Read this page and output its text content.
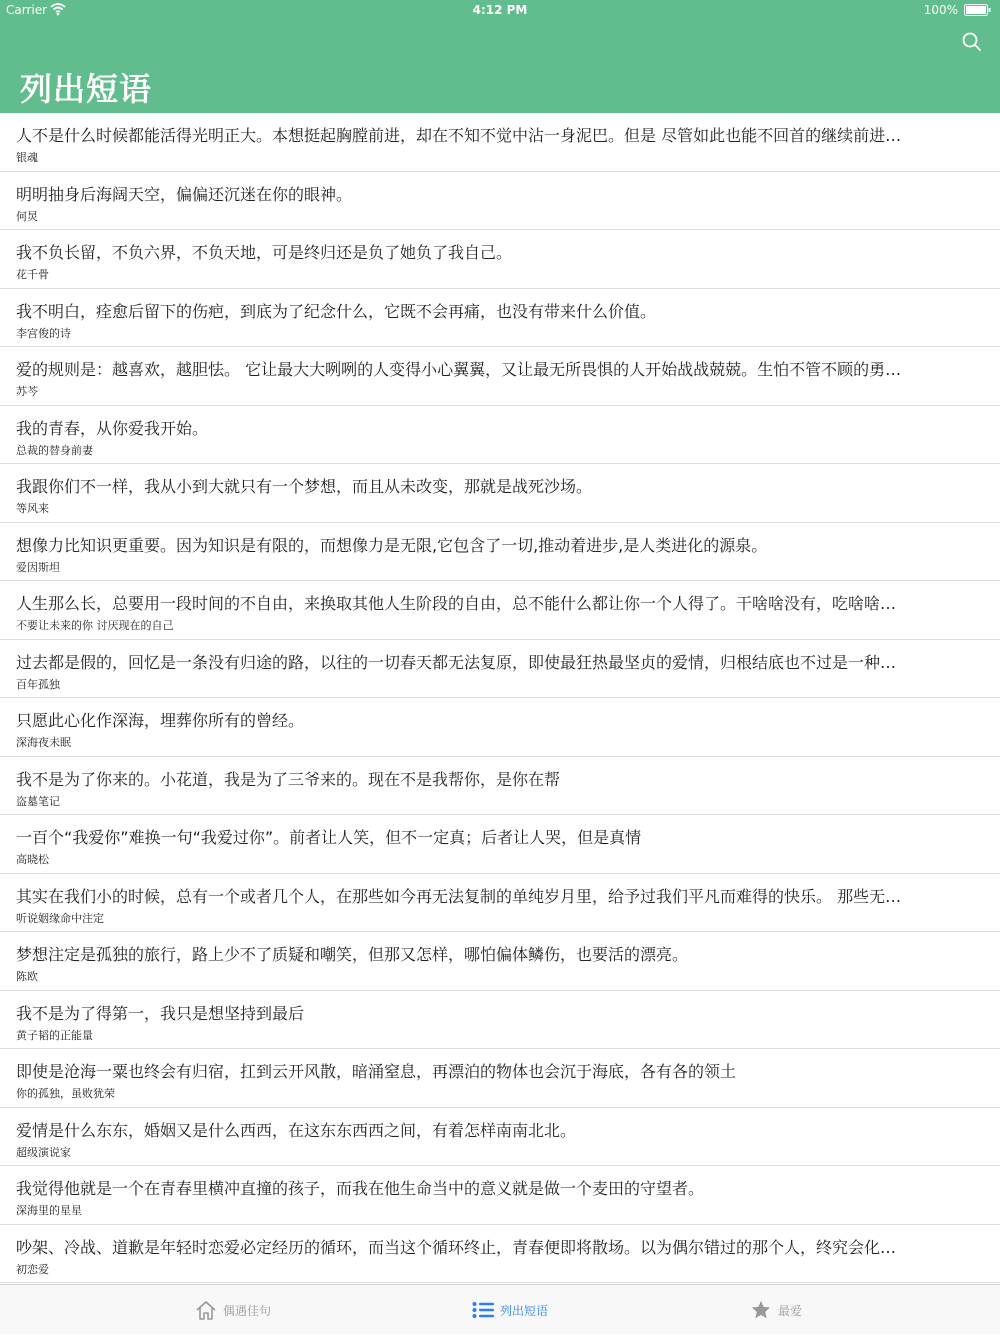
Carrier	4:12 PM	100%
列出短语
人不是什么时候都能活得光明正大。本想挺起胸膛前进，却在不知不觉中沾一身泥巴。但是 尽管如此也能不回首的继续前进…
银魂
明明抽身后海阔天空，偏偏还沉迷在你的眼神。
何炅
我不负长留，不负六界，不负天地，可是终归还是负了她负了我自己。
花千骨
我不明白，痊愈后留下的伤疤，到底为了纪念什么，它既不会再痛，也没有带来什么价值。
李宫俊的诗
爱的规则是：越喜欢，越胆怯。 它让最大大咧咧的人变得小心翼翼，又让最无所畏惧的人开始战战兢兢。生怕不管不顾的勇…
苏芩
我的青春，从你爱我开始。
总裁的替身前妻
我跟你们不一样，我从小到大就只有一个梦想，而且从未改变，那就是战死沙场。
等风来
想像力比知识更重要。因为知识是有限的，而想像力是无限,它包含了一切,推动着进步,是人类进化的源泉。
爱因斯坦
人生那么长，总要用一段时间的不自由，来换取其他人生阶段的自由，总不能什么都让你一个人得了。干啥啥没有，吃啥啥…
不要让未来的你 讨厌现在的自己
过去都是假的，回忆是一条没有归途的路，以往的一切春天都无法复原，即使最狂热最坚贞的爱情，归根结底也不过是一种…
百年孤独
只愿此心化作深海，埋葬你所有的曾经。
深海夜未眠
我不是为了你来的。小花道，我是为了三爷来的。现在不是我帮你，是你在帮
盗墓笔记
一百个“我爱你”难换一句“我爱过你”。前者让人笑，但不一定真；后者让人哭，但是真情
高晓松
其实在我们小的时候，总有一个或者几个人，在那些如今再无法复制的单纯岁月里，给予过我们平凡而难得的快乐。 那些无…
听说姻缘命中注定
梦想注定是孤独的旅行，路上少不了质疑和嘲笑，但那又怎样，哪怕偏体鳞伤，也要活的漂亮。
陈欧
我不是为了得第一，我只是想坚持到最后
黄子韬的正能量
即使是沧海一粟也终会有归宿，扛到云开风散，暗涌窒息，再漂泊的物体也会沉于海底，各有各的领土
你的孤独，虽败犹荣
爱情是什么东东，婚姻又是什么西西，在这东东西西之间，有着怎样南南北北。
超级演说家
我觉得他就是一个在青春里横冲直撞的孩子，而我在他生命当中的意义就是做一个麦田的守望者。
深海里的星星
吵架、冷战、道歉是年轻时恋爱必定经历的循环，而当这个循环终止，青春便即将散场。以为偶尔错过的那个人，终究会化…
初恋爱
偶遇佳句	列出短语	最爱
